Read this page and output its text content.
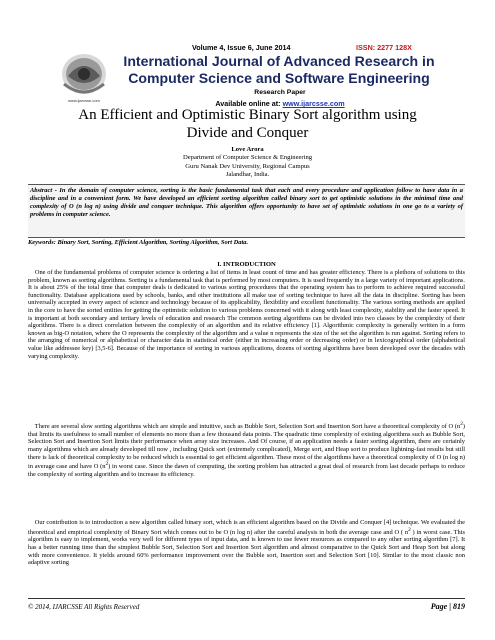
www.ijarcsse.com
Volume 4, Issue 6, June 2014	ISSN: 2277 128X
International Journal of Advanced Research in
Computer Science and Software Engineering
Research Paper
Available online at: www.ijarcsse.com
An Efficient and Optimistic Binary Sort algorithm using
Divide and Conquer
Love Arora
Department of Computer Science & Engineering
Guru Nanak Dev University, Regional Campus
Jalandhar, India.

Abstract - In the domain of computer science, sorting is the basic fundamental task that each and every procedure and application follow to have data in a discipline and in a convenient form. We have developed an efficient sorting algorithm called binary sort to get optimistic solutions in the minimal time and complexity of O (n log n) using divide and conquer technique. This algorithm offers opportunity to have set of optimistic solutions in one go to a variety of problems in computer science.

Keywords: Binary Sort, Sorting, Efficient Algorithm, Sorting Algorithm, Sort Data.
I. INTRODUCTION

One of the fundamental problems of computer science is ordering a list of items in least count of time and has greater efficiency. There is a plethora of solutions to this problem, known as sorting algorithms. Sorting is a fundamental task that is performed by most computers. It is used frequently in a large variety of important applications. It is about 25% of the total time that computer deals is dedicated to various sorting procedures that the operating system has to perform to achieve required successful functionality. Database applications used by schools, banks, and other institutions all make use of sorting technique to have all the data in discipline. Sorting has been universally accepted in every aspect of science and technology because of its applicability, flexibility and excellent functionality. The various sorting methods are applied in the core to have the sorted entities for getting the optimistic solution to various problems concerned with it along with least complexity, stability and the faster speed. It is important at both secondary and tertiary levels of education and research The common sorting algorithms can be divided into two classes by the complexity of their algorithms. There is a direct correlation between the complexity of an algorithm and its relative efficiency [1]. Algorithmic complexity is generally written in a form known as big-O notation, where the O represents the complexity of the algorithm and a value n represents the size of the set the algorithm is run against. Sorting refers to the arranging of numerical or alphabetical or character data in statistical order (either in increasing order or decreasing order) or in lexicographical order (alphabetical value like addressee key) [3,5-6]. Because of the importance of sorting in various applications, dozens of sorting algorithms have been developed over the decades with varying complexity.

There are several slow sorting algorithms which are simple and intuitive, such as Bubble Sort, Selection Sort and Insertion Sort have a theoretical complexity of O $(n^2)$ that limits its usefulness to small number of elements no more than a few thousand data points. The quadratic time complexity of existing algorithms such as Bubble Sort, Selection Sort and Insertion Sort limits their performance when array size increases. And Of course, if an application needs a faster sorting algorithm, there are certainly many algorithms which are already developed till now , including Quick sort (extremely complicated), Merge sort, and Heap sort to produce lightning-fast results but still there is lack of theoretical complexity to be reduced which is essential to get efficient algorithm. These most of the algorithms have a theoretical complexity of O (n log n) in average case and have O $(n^2)$ in worst case. Since the dawn of computing, the sorting problem has attracted a great deal of research from last decade perhaps to reduce the complexity of sorting algorithm and to increase its efficiency.

Our contribution is to introduction a new algorithm called binary sort, which is an efficient algorithm based on the Divide and Conquer [4] technique. We evaluated the theoretical and empirical complexity of Binary Sort which comes out to be O (n log n) after the careful analysis in both the average case and O ( $n^2$ ) in worst case. This algorithm is easy to implement, works very well for different types of input data, and is known to use fewer resources as compared to any other sorting algorithm [7]. It has a better running time than the simplest Bubble Sort, Selection Sort and Insertion Sort algorithm and almost comparative to the Quick Sort and Heap Sort but along with more convenience. It yields around 60% performance improvement over the Bubble sort, Insertion sort and Selection Sort [10]. Similar to the most classic non adaptive sorting

© 2014, IJARCSSE All Rights Reserved	Page | 819
